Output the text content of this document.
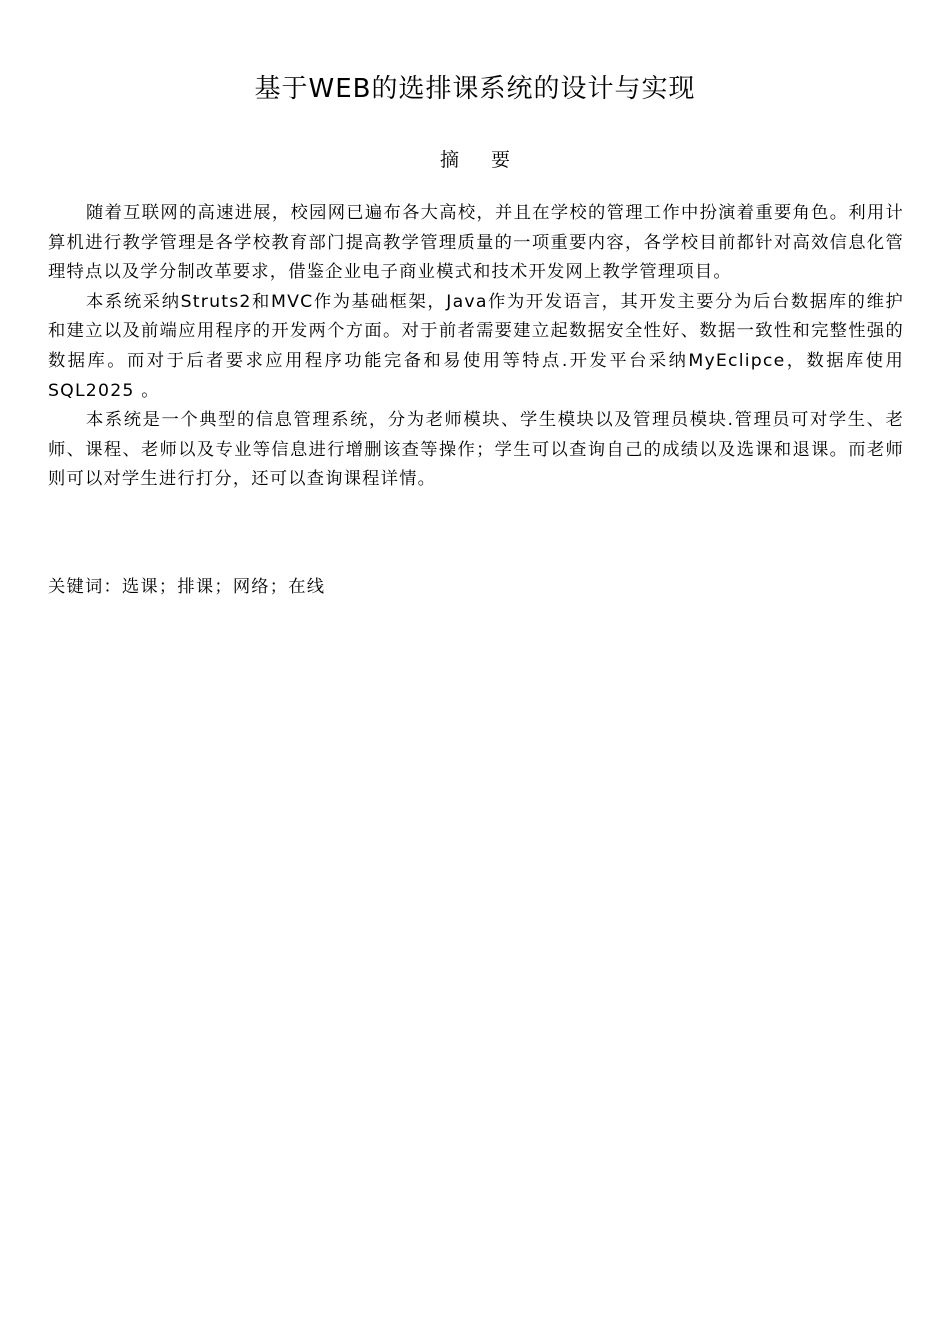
基于WEB的选排课系统的设计与实现
摘要

随着互联网的高速进展，校园网已遍布各大高校，并且在学校的管理工作中扮演着重要角色。利用计算机进行教学管理是各学校教育部门提高教学管理质量的一项重要内容，各学校目前都针对高效信息化管理特点以及学分制改革要求，借鉴企业电子商业模式和技术开发网上教学管理项目。

本系统采纳Struts2和MVC作为基础框架，Java作为开发语言，其开发主要分为后台数据库的维护和建立以及前端应用程序的开发两个方面。对于前者需要建立起数据安全性好、数据一致性和完整性强的数据库。而对于后者要求应用程序功能完备和易使用等特点.开发平台采纳MyEclipce，数据库使用SQL2025 。

本系统是一个典型的信息管理系统，分为老师模块、学生模块以及管理员模块.管理员可对学生、老师、课程、老师以及专业等信息进行增删该查等操作；学生可以查询自己的成绩以及选课和退课。而老师则可以对学生进行打分，还可以查询课程详情。

关键词：选课；排课；网络；在线
